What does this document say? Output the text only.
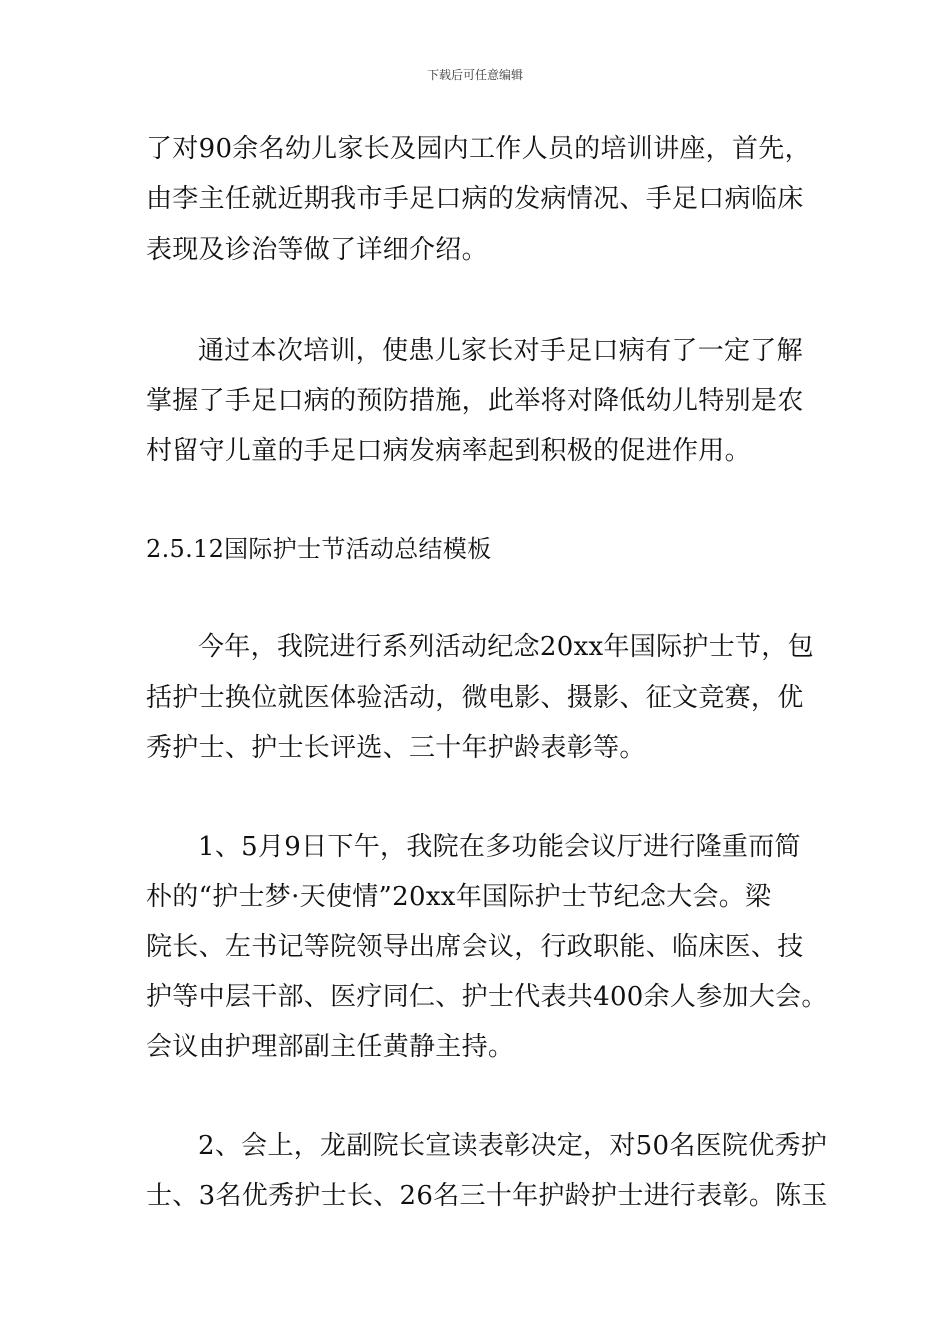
下载后可任意编辑
了对90余名幼儿家长及园内工作人员的培训讲座，首先，
由李主任就近期我市手足口病的发病情况、手足口病临床
表现及诊治等做了详细介绍。
通过本次培训，使患儿家长对手足口病有了一定了解
掌握了手足口病的预防措施，此举将对降低幼儿特别是农
村留守儿童的手足口病发病率起到积极的促进作用。
2.5.12国际护士节活动总结模板
今年，我院进行系列活动纪念20xx年国际护士节，包
括护士换位就医体验活动，微电影、摄影、征文竞赛，优
秀护士、护士长评选、三十年护龄表彰等。
1、5月9日下午，我院在多功能会议厅进行隆重而简
朴的“护士梦·天使情”20xx年国际护士节纪念大会。梁
院长、左书记等院领导出席会议，行政职能、临床医、技
护等中层干部、医疗同仁、护士代表共400余人参加大会。
会议由护理部副主任黄静主持。
2、会上，龙副院长宣读表彰决定，对50名医院优秀护
士、3名优秀护士长、26名三十年护龄护士进行表彰。陈玉
